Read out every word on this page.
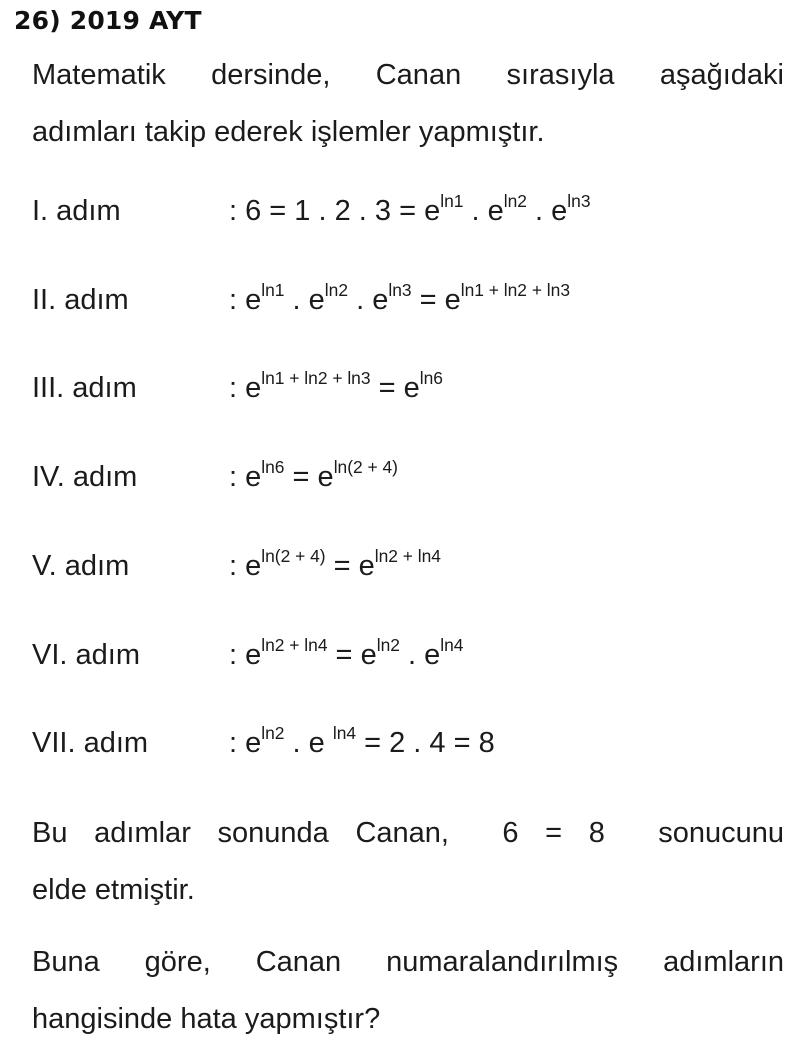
26) 2019 AYT
Matematik dersinde, Canan sırasıyla aşağıdaki
adımları takip ederek işlemler yapmıştır.
I. adım	: 6 = 1 . 2 . $3 = e^{ln1}$ . $e^{ln2}$ . $e^{ln3}$
II. adım	: $e^{ln1}$ . $e^{ln2}$ . $e^{ln3} = e^{ln1 + ln2 + ln3}$
III. adım	: $e^{ln1 + ln2 + ln3} = e^{ln6}$
IV. adım	: $e^{ln6} = e^{ln(2 + 4)}$
V. adım	: $e^{ln(2 + 4)} = e^{ln2 + ln4}$
VI. adım	: $e^{ln2 + ln4} = e^{ln2}$ . $e^{ln4}$
VII. adım	: $e^{ln2}$ . e $^{ln4}$ = 2 . 4 = 8
Bu adımlar sonunda Canan,  6 = 8  sonucunu
elde etmiştir.
Buna göre, Canan numaralandırılmış adımların
hangisinde hata yapmıştır?
